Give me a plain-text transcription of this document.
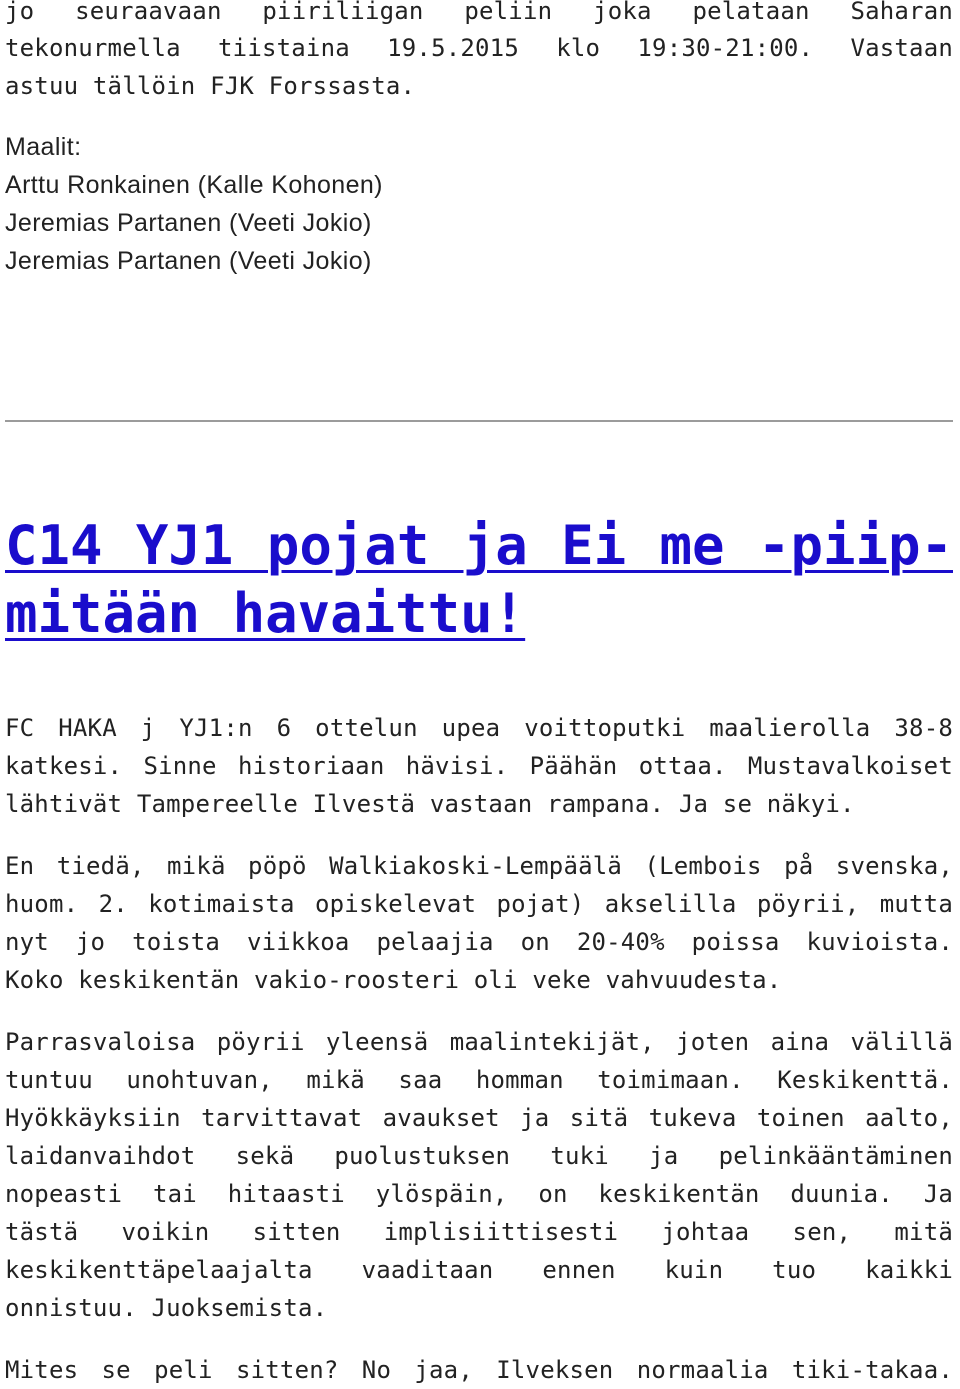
jo seuraavaan piiriliigan peliin joka pelataan Saharan
tekonurmella tiistaina 19.5.2015 klo 19:30-21:00. Vastaan
astuu tällöin FJK Forssasta.
Maalit:
Arttu Ronkainen (Kalle Kohonen)
Jeremias Partanen (Veeti Jokio)
Jeremias Partanen (Veeti Jokio)
C14 YJ1 pojat ja Ei me -piip-
mitään havaittu!
FC HAKA j YJ1:n 6 ottelun upea voittoputki maalierolla 38-8
katkesi. Sinne historiaan hävisi. Päähän ottaa. Mustavalkoiset
lähtivät Tampereelle Ilvestä vastaan rampana. Ja se näkyi.
En tiedä, mikä pöpö Walkiakoski-Lempäälä (Lembois på svenska,
huom. 2. kotimaista opiskelevat pojat) akselilla pöyrii, mutta
nyt jo toista viikkoa pelaajia on 20-40% poissa kuvioista.
Koko keskikentän vakio-roosteri oli veke vahvuudesta.
Parrasvaloisa pöyrii yleensä maalintekijät, joten aina välillä
tuntuu unohtuvan, mikä saa homman toimimaan. Keskikenttä.
Hyökkäyksiin tarvittavat avaukset ja sitä tukeva toinen aalto,
laidanvaihdot sekä puolustuksen tuki ja pelinkääntäminen
nopeasti tai hitaasti ylöspäin, on keskikentän duunia. Ja
tästä voikin sitten implisiittisesti johtaa sen, mitä
keskikenttäpelaajalta vaaditaan ennen kuin tuo kaikki
onnistuu. Juoksemista.
Mites se peli sitten? No jaa, Ilveksen normaalia tiki-takaa.
